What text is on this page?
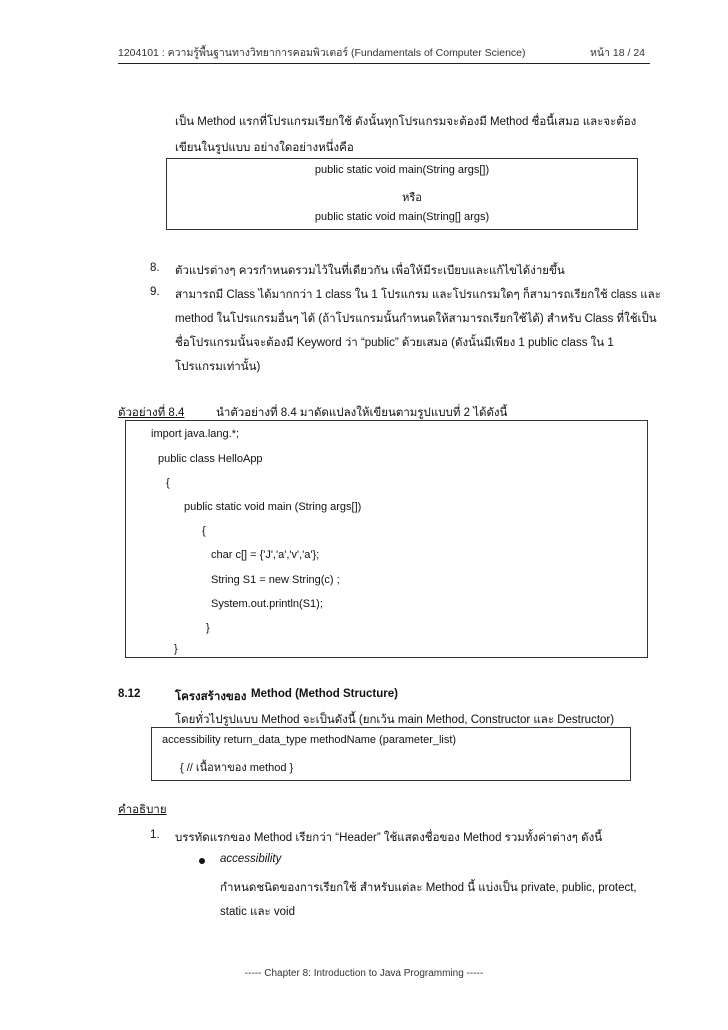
1204101 : ความรู้พื้นฐานทางวิทยาการคอมพิวเตอร์ (Fundamentals of Computer Science)	หน้า 18 / 24
เป็น Method แรกที่โปรแกรมเรียกใช้ ดังนั้นทุกโปรแกรมจะต้องมี Method ชื่อนี้เสมอ และจะต้อง
เขียนในรูปแบบ อย่างใดอย่างหนึ่งคือ
public static void main(String args[])
หรือ
public static void main(String[] args)
8. ตัวแปรต่างๆ ควรกำหนดรวมไว้ในที่เดียวกัน เพื่อให้มีระเบียบและแก้ไขได้ง่ายขึ้น
9. สามารถมี Class ได้มากกว่า 1 class ใน 1 โปรแกรม และโปรแกรมใดๆ ก็สามารถเรียกใช้ class และ
method ในโปรแกรมอื่นๆ ได้ (ถ้าโปรแกรมนั้นกำหนดให้สามารถเรียกใช้ได้) สำหรับ Class ที่ใช้เป็น
ชื่อโปรแกรมนั้นจะต้องมี Keyword ว่า “public” ด้วยเสมอ (ดังนั้นมีเพียง 1 public class ใน 1
โปรแกรมเท่านั้น)
ตัวอย่างที่ 8.4	นำตัวอย่างที่ 8.4 มาดัดแปลงให้เขียนตามรูปแบบที่ 2 ได้ดังนี้
import java.lang.*;
public class HelloApp
{
public static void main (String args[])
{
char c[] = {'J','a','v','a'};
String S1 = new String(c) ;
System.out.println(S1);
}
}
8.12	โครงสร้างของ Method (Method Structure)
โดยทั่วไปรูปแบบ Method จะเป็นดังนี้ (ยกเว้น main Method, Constructor และ Destructor)
accessibility return_data_type methodName (parameter_list)
{ // เนื้อหาของ method }
คำอธิบาย
1. บรรทัดแรกของ Method เรียกว่า “Header” ใช้แสดงชื่อของ Method รวมทั้งค่าต่างๆ ดังนี้
accessibility
กำหนดชนิดของการเรียกใช้ สำหรับแต่ละ Method นี้ แบ่งเป็น private, public, protect,
static และ void
----- Chapter 8: Introduction to Java Programming -----
